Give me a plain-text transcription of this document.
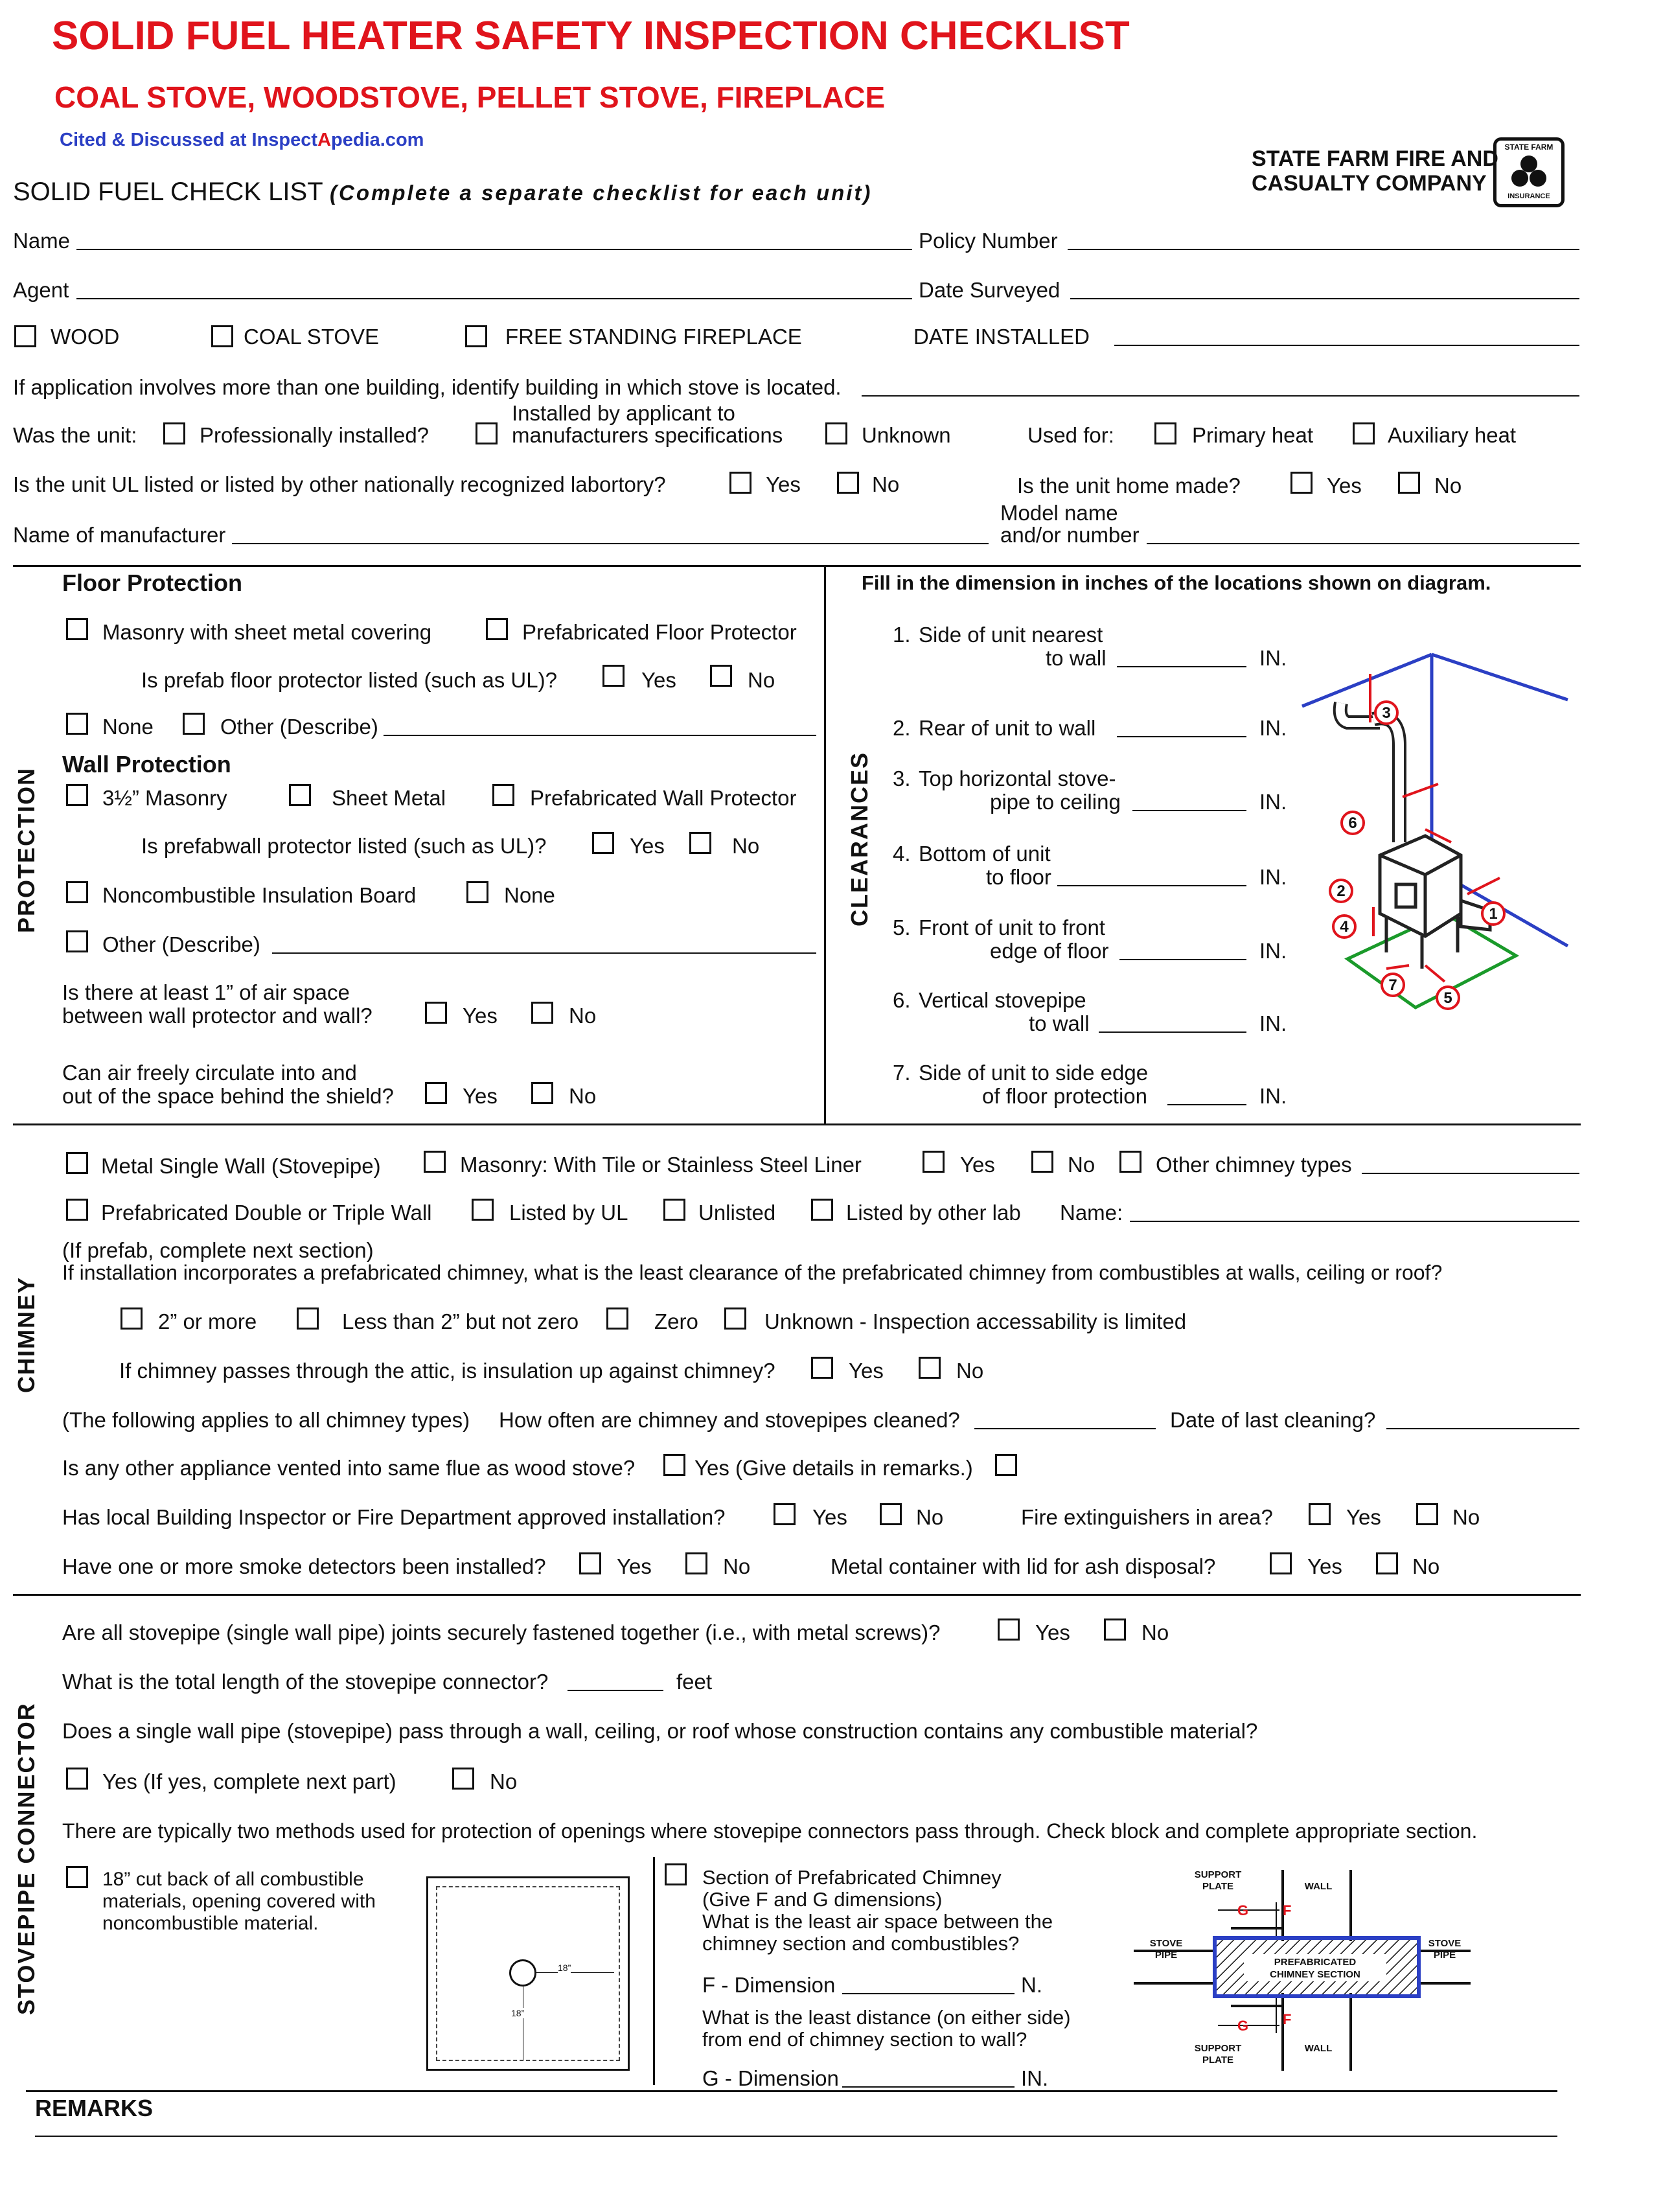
SOLID FUEL HEATER SAFETY INSPECTION CHECKLIST
COAL STOVE, WOODSTOVE, PELLET STOVE, FIREPLACE
Cited & Discussed at InspectApedia.com
SOLID FUEL CHECK LIST (Complete a separate checklist for each unit)
STATE FARM FIRE AND
CASUALTY COMPANY
STATE FARM
INSURANCE
Name	Policy Number
Agent	Date Surveyed
WOOD	COAL STOVE	FREE STANDING FIREPLACE	DATE INSTALLED
If application involves more than one building, identify building in which stove is located.
Was the unit:	Professionally installed?
Installed by applicant to
manufacturers specifications	Unknown	Used for:	Primary heat	Auxiliary heat
Is the unit UL listed or listed by other nationally recognized labortory?	Yes	No	Is the unit home made?	Yes	No
Name of manufacturer
Model name
and/or number
PROTECTION
Floor Protection
Masonry with sheet metal covering	Prefabricated Floor Protector
Is prefab floor protector listed (such as UL)?	Yes	No
None	Other (Describe)
Wall Protection
3½” Masonry	Sheet Metal	Prefabricated Wall Protector
Is prefabwall protector listed (such as UL)?	Yes	No
Noncombustible Insulation Board	None
Other (Describe)
Is there at least 1” of air space
between wall protector and wall?	Yes	No
Can air freely circulate into and
out of the space behind the shield?	Yes	No
CLEARANCES
Fill in the dimension in inches of the locations shown on diagram.
1. Side of unit nearest
to wall	IN.
2. Rear of unit to wall	IN.
3. Top horizontal stove-
pipe to ceiling	IN.
4. Bottom of unit
to floor	IN.
5. Front of unit to front
edge of floor	IN.
6. Vertical stovepipe
to wall	IN.
7. Side of unit to side edge
of floor protection	IN.
1
2
3
4
5
6
7
CHIMNEY
Metal Single Wall (Stovepipe)	Masonry: With Tile or Stainless Steel Liner	Yes	No	Other chimney types
Prefabricated Double or Triple Wall	Listed by UL	Unlisted	Listed by other lab Name:
(If prefab, complete next section)
If installation incorporates a prefabricated chimney, what is the least clearance of the prefabricated chimney from combustibles at walls, ceiling or roof?
2” or more	Less than 2” but not zero	Zero	Unknown - Inspection accessability is limited
If chimney passes through the attic, is insulation up against chimney?	Yes	No
(The following applies to all chimney types) How often are chimney and stovepipes cleaned?	Date of last cleaning?
Is any other appliance vented into same flue as wood stove?	Yes (Give details in remarks.)
Has local Building Inspector or Fire Department approved installation?	Yes	No	Fire extinguishers in area?	Yes	No
Have one or more smoke detectors been installed?	Yes	No	Metal container with lid for ash disposal?	Yes	No
STOVEPIPE CONNECTOR
Are all stovepipe (single wall pipe) joints securely fastened together (i.e., with metal screws)?	Yes	No
What is the total length of the stovepipe connector?	feet
Does a single wall pipe (stovepipe) pass through a wall, ceiling, or roof whose construction contains any combustible material?
Yes (If yes, complete next part)	No
There are typically two methods used for protection of openings where stovepipe connectors pass through. Check block and complete appropriate section.
18” cut back of all combustible
materials, opening covered with
noncombustible material.
18”
18”
Section of Prefabricated Chimney
(Give F and G dimensions)
What is the least air space between the
chimney section and combustibles?
F - Dimension	N.
What is the least distance (on either side)
from end of chimney section to wall?
G - Dimension	IN.
PREFABRICATED
CHIMNEY SECTION
SUPPORT
PLATE	WALL
STOVE
PIPE
STOVE
PIPE
SUPPORT
PLATE
WALL
G F
G F
REMARKS
